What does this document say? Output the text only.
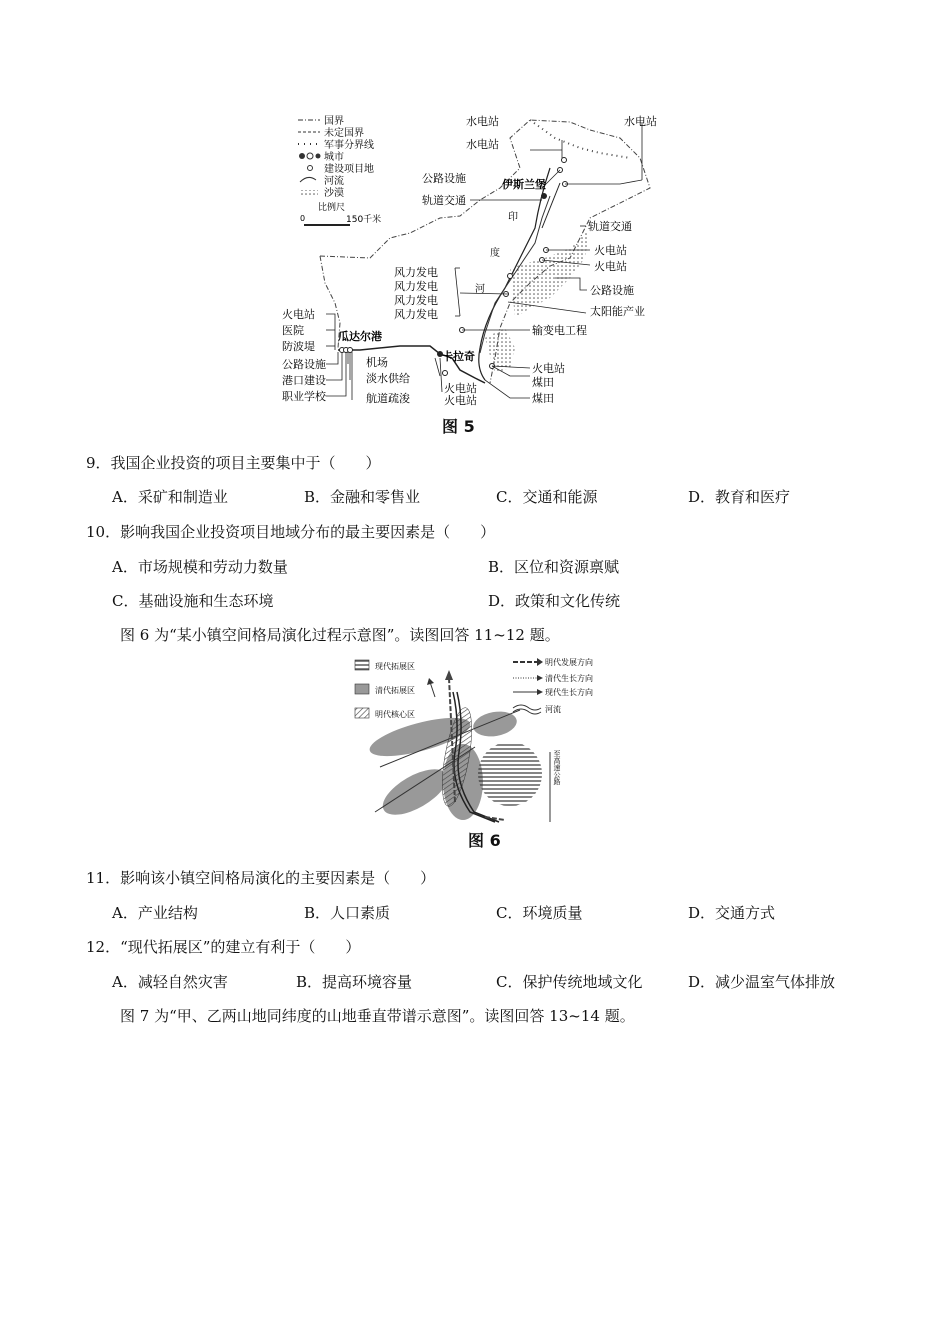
国界
未定国界
军事分界线
城市
建设项目地
河流
沙漠
比例尺
0	150千米
水电站	水电站
水电站
公路设施	伊斯兰堡
轨道交通
轨道交通
火电站
火电站
公路设施
太阳能产业
输变电工程
风力发电
风力发电
风力发电
风力发电
火电站
医院
防波堤
公路设施
港口建设
职业学校
瓜达尔港
机场
淡水供给
航道疏浚
卡拉奇
火电站
煤田
煤田
火电站
火电站
印
度
河
图 5
9．我国企业投资的项目主要集中于（　　）
A．采矿和制造业	B．金融和零售业	C．交通和能源	D．教育和医疗
10．影响我国企业投资项目地域分布的最主要因素是（　　）
A．市场规模和劳动力数量	B．区位和资源禀赋
C．基础设施和生态环境	D．政策和文化传统
图 6 为“某小镇空间格局演化过程示意图”。读图回答 11~12 题。
现代拓展区
清代拓展区
明代核心区
明代发展方向
清代生长方向
现代生长方向
河流
至高速公路
图 6
11．影响该小镇空间格局演化的主要因素是（　　）
A．产业结构	B．人口素质	C．环境质量	D．交通方式
12．“现代拓展区”的建立有利于（　　）
A．减轻自然灾害	B．提高环境容量	C．保护传统地域文化	D．减少温室气体排放
图 7 为“甲、乙两山地同纬度的山地垂直带谱示意图”。读图回答 13~14 题。
